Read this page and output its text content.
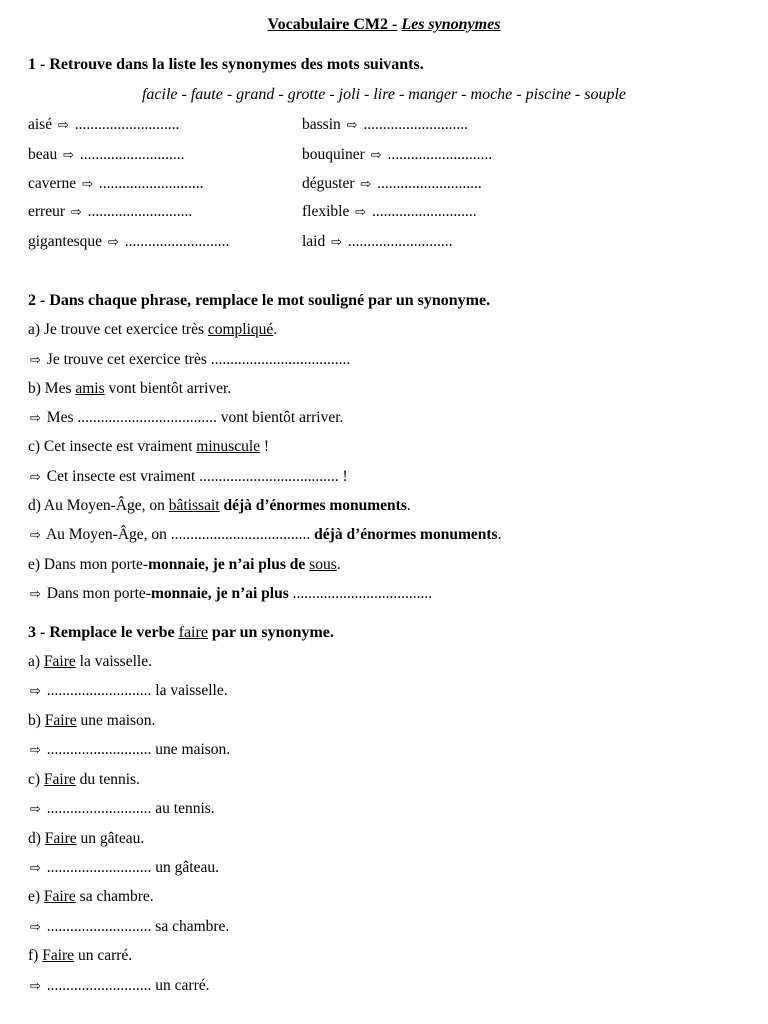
Vocabulaire CM2 - Les synonymes
1 - Retrouve dans la liste les synonymes des mots suivants.
facile - faute - grand - grotte - joli - lire - manger - moche - piscine - souple
aisé ⇨ ...........................
beau ⇨ ...........................
caverne ⇨ ...........................
erreur ⇨ ...........................
gigantesque ⇨ ...........................
bassin ⇨ ...........................
bouquiner ⇨ ...........................
déguster ⇨ ...........................
flexible ⇨ ...........................
laid ⇨ ...........................
2 - Dans chaque phrase, remplace le mot souligné par un synonyme.
a) Je trouve cet exercice très compliqué.
⇨ Je trouve cet exercice très ....................................
b) Mes amis vont bientôt arriver.
⇨ Mes .................................... vont bientôt arriver.
c) Cet insecte est vraiment minuscule !
⇨ Cet insecte est vraiment .................................... !
d) Au Moyen-Âge, on bâtissait déjà d’énormes monuments.
⇨ Au Moyen-Âge, on .................................... déjà d’énormes monuments.
e) Dans mon porte-monnaie, je n’ai plus de sous.
⇨ Dans mon porte-monnaie, je n’ai plus ....................................
3 - Remplace le verbe faire par un synonyme.
a) Faire la vaisselle.
⇨ ........................... la vaisselle.
b) Faire une maison.
⇨ ........................... une maison.
c) Faire du tennis.
⇨ ........................... au tennis.
d) Faire un gâteau.
⇨ ........................... un gâteau.
e) Faire sa chambre.
⇨ ........................... sa chambre.
f) Faire un carré.
⇨ ........................... un carré.
